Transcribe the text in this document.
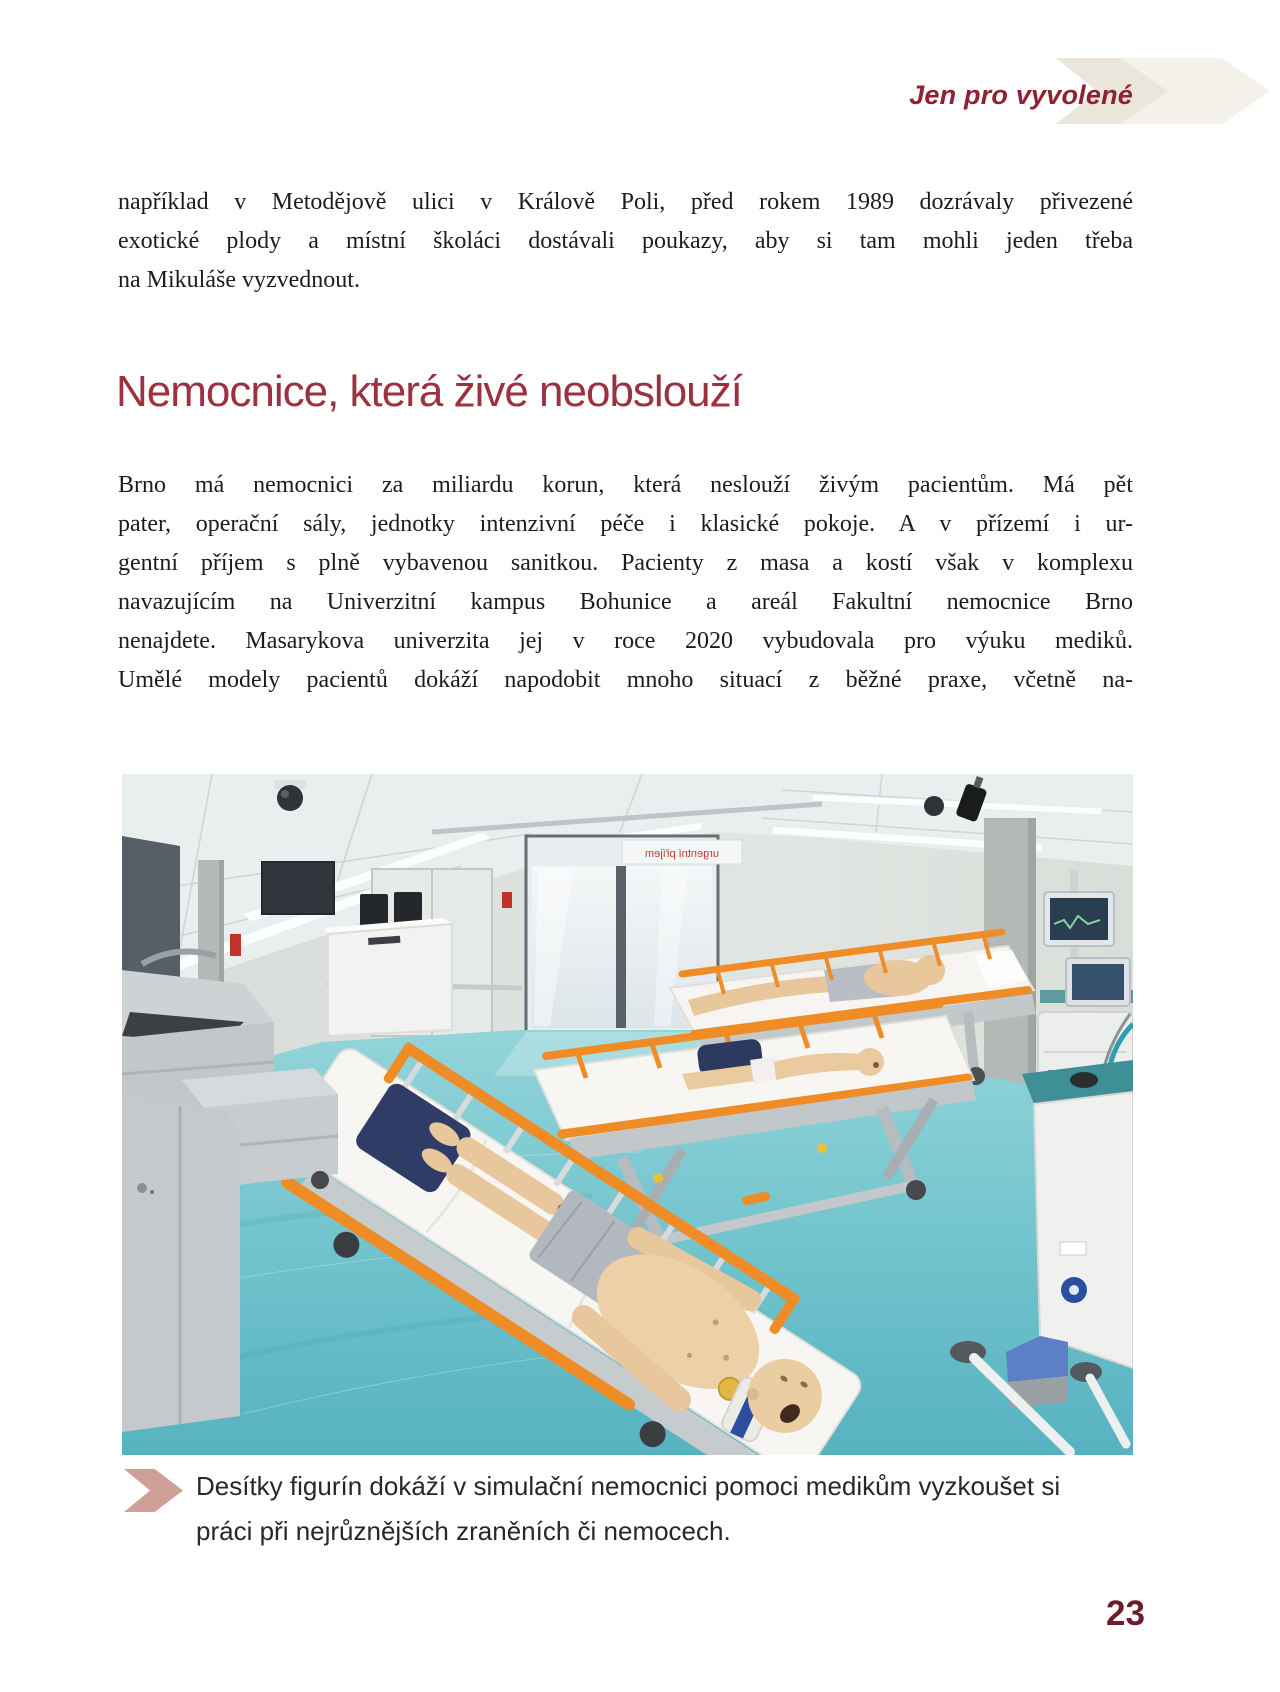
Jen pro vyvolené
například v Metodějově ulici v Králově Poli, před rokem 1989 dozrávaly přivezené
exotické plody a místní školáci dostávali poukazy, aby si tam mohli jeden třeba
na Mikuláše vyzvednout.
Nemocnice, která živé neobslouží
Brno má nemocnici za miliardu korun, která neslouží živým pacientům. Má pět
pater, operační sály, jednotky intenzivní péče i klasické pokoje. A v přízemí i ur-
gentní příjem s plně vybavenou sanitkou. Pacienty z masa a kostí však v komplexu
navazujícím na Univerzitní kampus Bohunice a areál Fakultní nemocnice Brno
nenajdete. Masarykova univerzita jej v roce 2020 vybudovala pro výuku mediků.
Umělé modely pacientů dokáží napodobit mnoho situací z běžné praxe, včetně na-
urgentní příjem
Desítky figurín dokáží v simulační nemocnici pomoci medikům vyzkoušet si
práci při nejrůznějších zraněních či nemocech.
23
